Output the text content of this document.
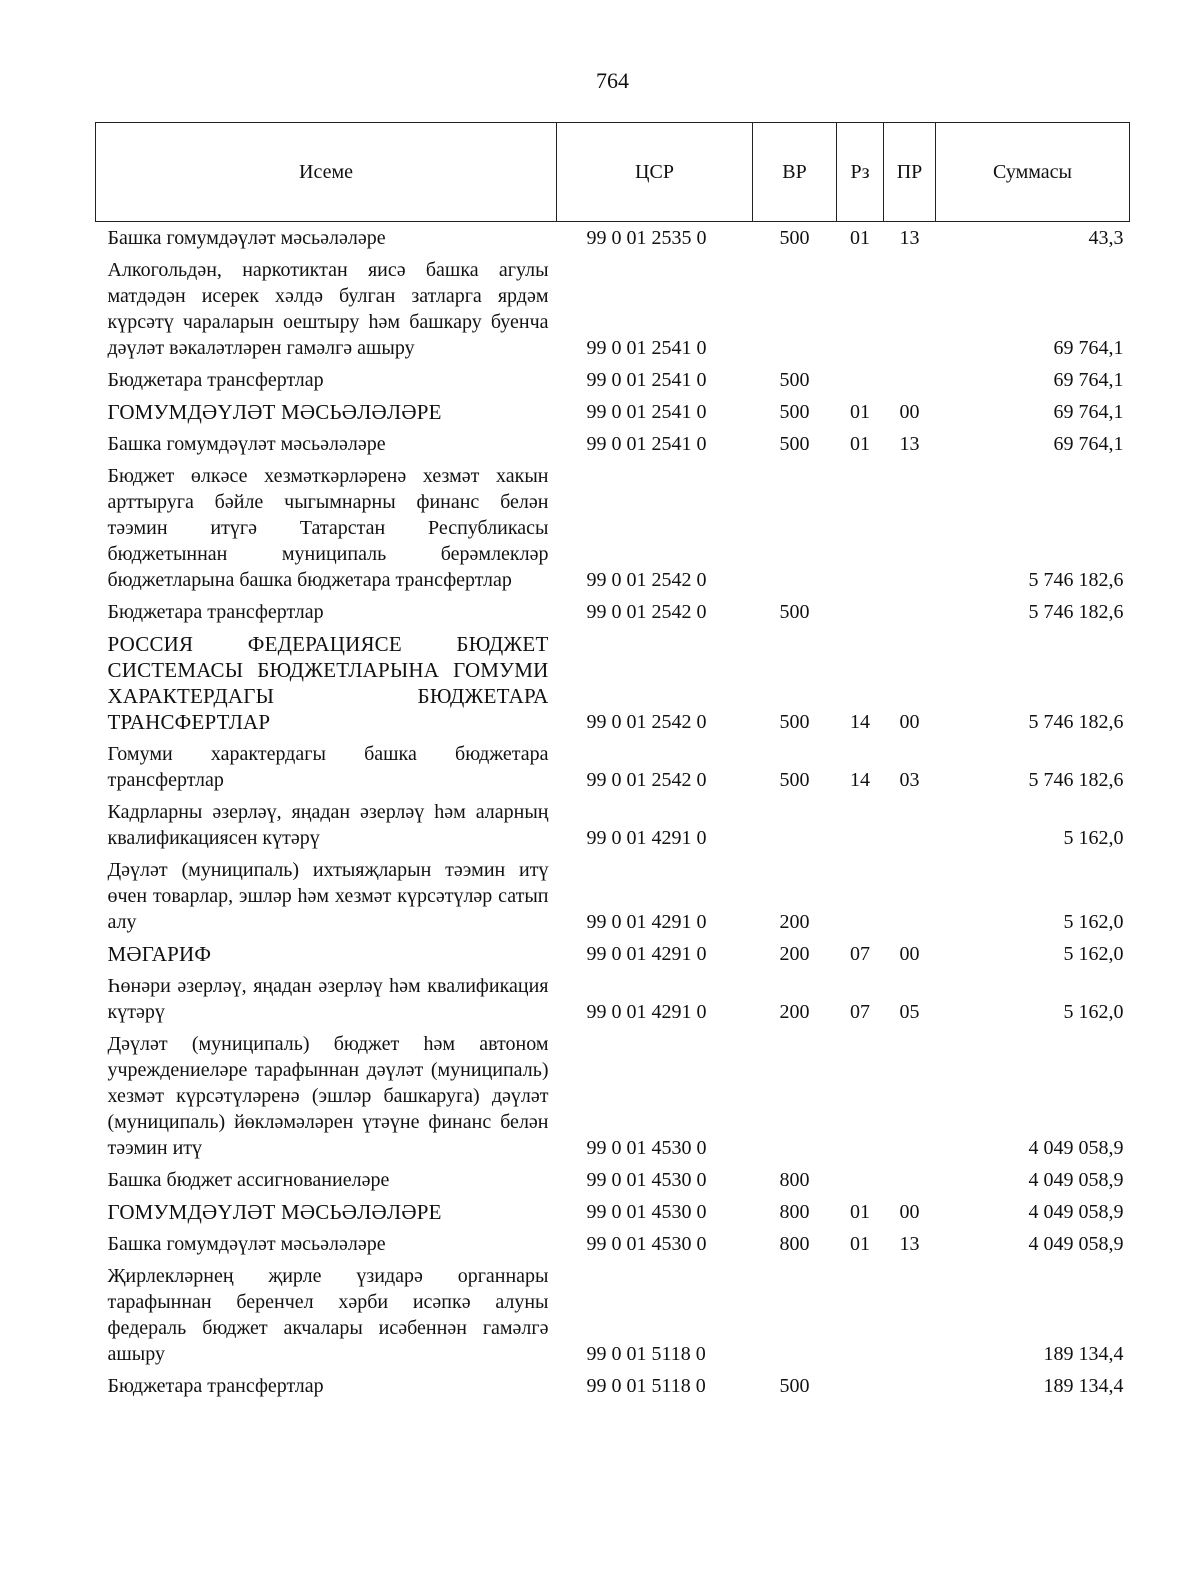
764
Исеме	ЦСР	ВР	Рз	ПР	Суммасы
Башка гомумдәүләт мәсьәләләре	99 0 01 2535 0	500	01	13	43,3
Алкогольдән, наркотиктан яисә башка агулы матдәдән исерек хәлдә булган затларга ярдәм күрсәтү чараларын оештыру һәм башкару буенча дәүләт вәкаләтләрен гамәлгә ашыру	99 0 01 2541 0				69 764,1
Бюджетара трансфертлар	99 0 01 2541 0	500			69 764,1
ГОМУМДӘҮЛӘТ МӘСЬӘЛӘЛӘРЕ	99 0 01 2541 0	500	01	00	69 764,1
Башка гомумдәүләт мәсьәләләре	99 0 01 2541 0	500	01	13	69 764,1
Бюджет өлкәсе хезмәткәрләренә хезмәт хакын арттыруга бәйле чыгымнарны финанс белән тәэмин итүгә Татарстан Республикасы бюджетыннан муниципаль берәмлекләр бюджетларына башка бюджетара трансфертлар	99 0 01 2542 0				5 746 182,6
Бюджетара трансфертлар	99 0 01 2542 0	500			5 746 182,6
РОССИЯ ФЕДЕРАЦИЯСЕ БЮДЖЕТ СИСТЕМАСЫ БЮДЖЕТЛАРЫНА ГОМУМИ ХАРАКТЕРДАГЫ БЮДЖЕТАРА ТРАНСФЕРТЛАР	99 0 01 2542 0	500	14	00	5 746 182,6
Гомуми характердагы башка бюджетара трансфертлар	99 0 01 2542 0	500	14	03	5 746 182,6
Кадрларны әзерләү, яңадан әзерләү һәм аларның квалификациясен күтәрү	99 0 01 4291 0				5 162,0
Дәүләт (муниципаль) ихтыяҗларын тәэмин итү өчен товарлар, эшләр һәм хезмәт күрсәтүләр сатып алу	99 0 01 4291 0	200			5 162,0
МӘГАРИФ	99 0 01 4291 0	200	07	00	5 162,0
Һөнәри әзерләү, яңадан әзерләү һәм квалификация күтәрү	99 0 01 4291 0	200	07	05	5 162,0
Дәүләт (муниципаль) бюджет һәм автоном учреждениеләре тарафыннан дәүләт (муниципаль) хезмәт күрсәтүләренә (эшләр башкаруга) дәүләт (муниципаль) йөкләмәләрен үтәүне финанс белән тәэмин итү	99 0 01 4530 0				4 049 058,9
Башка бюджет ассигнованиеләре	99 0 01 4530 0	800			4 049 058,9
ГОМУМДӘҮЛӘТ МӘСЬӘЛӘЛӘРЕ	99 0 01 4530 0	800	01	00	4 049 058,9
Башка гомумдәүләт мәсьәләләре	99 0 01 4530 0	800	01	13	4 049 058,9
Җирлекләрнең җирле үзидарә органнары тарафыннан беренчел хәрби исәпкә алуны федераль бюджет акчалары исәбеннән гамәлгә ашыру	99 0 01 5118 0				189 134,4
Бюджетара трансфертлар	99 0 01 5118 0	500			189 134,4
